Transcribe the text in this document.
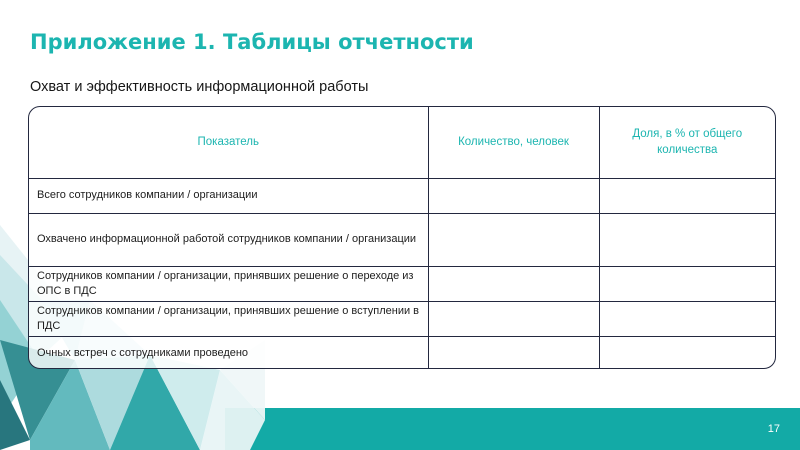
Приложение 1. Таблицы отчетности
Охват и эффективность информационной работы
Показатель	Количество, человек	Доля, в % от общего количества
Всего сотрудников компании / организации		
Охвачено информационной работой сотрудников компании / организации		
Сотрудников компании / организации, принявших решение о переходе из ОПС в ПДС		
Сотрудников компании / организации, принявших решение о вступлении в ПДС		
Очных встреч с сотрудниками проведено		
17
